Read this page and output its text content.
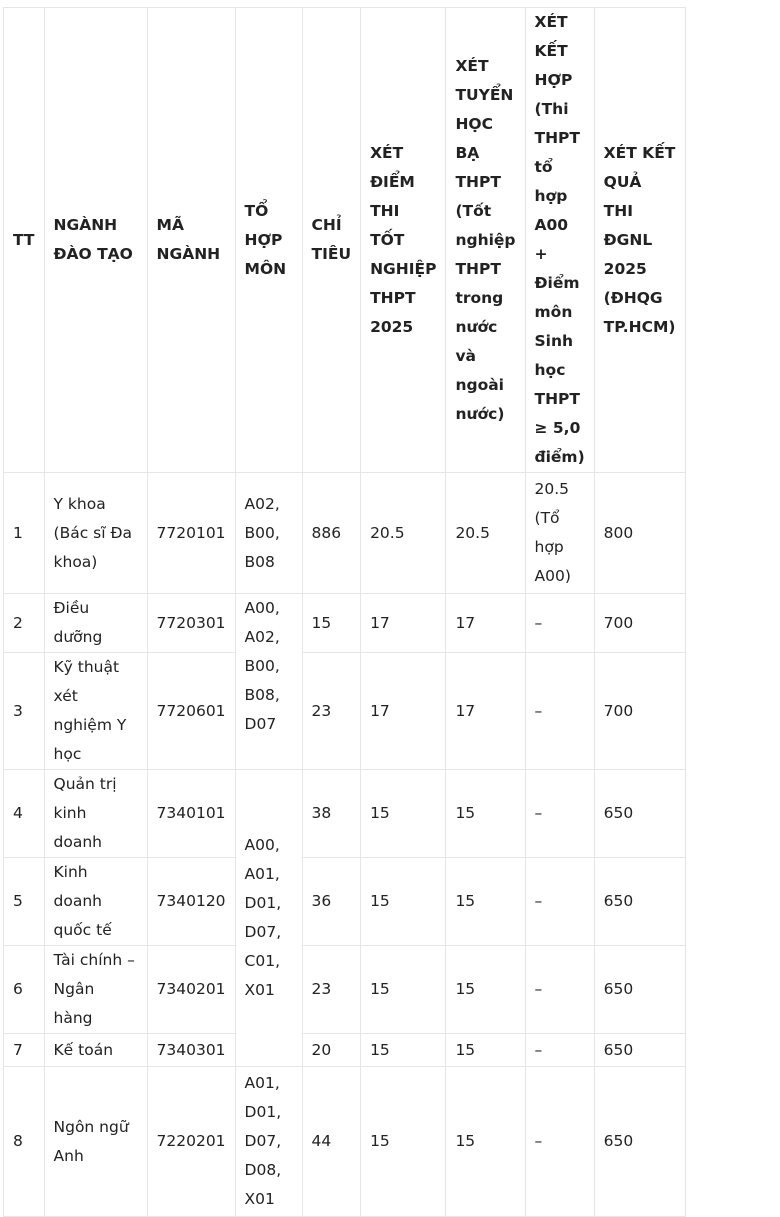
TT	NGÀNH ĐÀO TẠO	MÃ NGÀNH	TỔ HỢP MÔN	CHỈ TIÊU	XÉT ĐIỂM THI TỐT NGHIỆP THPT 2025	XÉT TUYỂN HỌC BẠ THPT (Tốt nghiệp THPT trong nước và ngoài nước)	XÉT KẾT HỢP (Thi THPT tổ hợp A00 + Điểm môn Sinh học THPT ≥ 5,0 điểm)	XÉT KẾT QUẢ THI ĐGNL 2025 (ĐHQG TP.HCM)
1	Y khoa (Bác sĩ Đa khoa)	7720101	A02, B00, B08	886	20.5	20.5	20.5 (Tổ hợp A00)	800
2	Điều dưỡng	7720301	A00, A02, B00, B08, D07	15	17	17	–	700
3	Kỹ thuật xét nghiệm Y học	7720601		23	17	17	–	700
4	Quản trị kinh doanh	7340101	A00, A01, D01, D07, C01, X01	38	15	15	–	650
5	Kinh doanh quốc tế	7340120		36	15	15	–	650
6	Tài chính – Ngân hàng	7340201		23	15	15	–	650
7	Kế toán	7340301		20	15	15	–	650
8	Ngôn ngữ Anh	7220201	A01, D01, D07, D08, X01	44	15	15	–	650
